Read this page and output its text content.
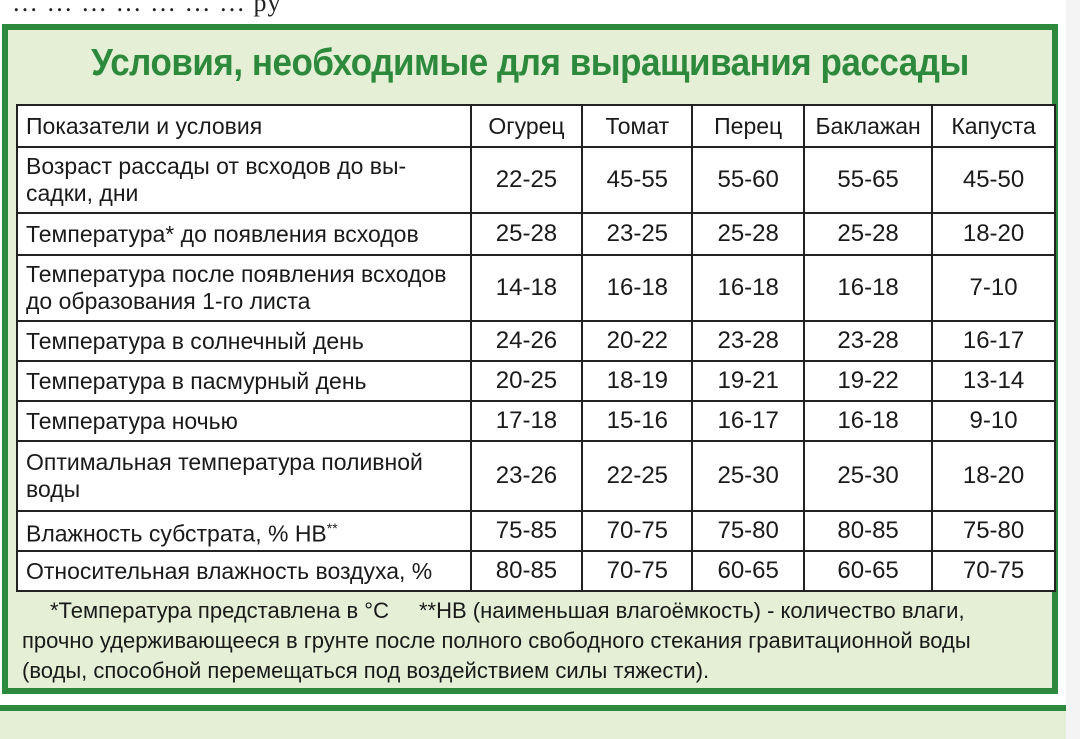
… … … … … … … py
Условия, необходимые для выращивания рассады
Показатели и условия	Огурец	Томат	Перец	Баклажан	Капуста
Возраст рассады от всходов до вы-
садки, дни	22-25	45-55	55-60	55-65	45-50
Температура* до появления всходов	25-28	23-25	25-28	25-28	18-20
Температура после появления всходов
до образования 1-го листа	14-18	16-18	16-18	16-18	7-10
Температура в солнечный день	24-26	20-22	23-28	23-28	16-17
Температура в пасмурный день	20-25	18-19	19-21	19-22	13-14
Температура ночью	17-18	15-16	16-17	16-18	9-10
Оптимальная температура поливной
воды	23-26	22-25	25-30	25-30	18-20
Влажность субстрата, % НВ**	75-85	70-75	75-80	80-85	75-80
Относительная влажность воздуха, %	80-85	70-75	60-65	60-65	70-75
*Температура представлена в °С **НВ (наименьшая влагоёмкость) - количество влаги,
прочно удерживающееся в грунте после полного свободного стекания гравитационной воды
(воды, способной перемещаться под воздействием силы тяжести).
